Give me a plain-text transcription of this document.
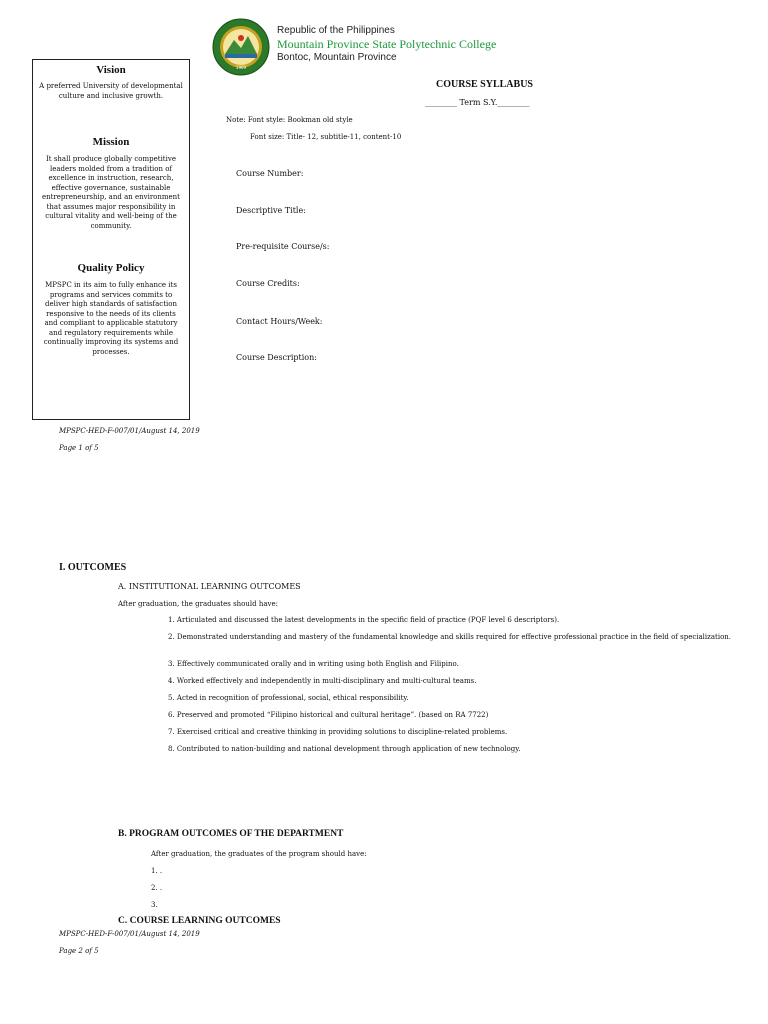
1969
Republic of the Philippines
Mountain Province State Polytechnic College
Bontoc, Mountain Province
Vision

A preferred University of developmental culture and inclusive growth.

Mission

It shall produce globally competitive leaders molded from a tradition of excellence in instruction, research, effective governance, sustainable entrepreneurship, and an environment that assumes major responsibility in cultural vitality and well-being of the community.

Quality Policy

MPSPC in its aim to fully enhance its programs and services commits to deliver high standards of satisfaction responsive to the needs of its clients and compliant to applicable statutory and regulatory requirements while continually improving its systems and processes.

COURSE SYLLABUS
________ Term S.Y.________
Note: Font style: Bookman old style
Font size: Title- 12, subtitle-11, content-10
Course Number:
Descriptive Title:
Pre-requisite Course/s:
Course Credits:
Contact Hours/Week:
Course Description:
MPSPC-HED-F-007/01/August 14, 2019
Page 1 of 5
I. OUTCOMES
A. INSTITUTIONAL LEARNING OUTCOMES
After graduation, the graduates should have:
1. Articulated and discussed the latest developments in the specific field of practice (PQF level 6 descriptors).
2. Demonstrated understanding and mastery of the fundamental knowledge and skills required for effective professional practice in the field of specialization.
3. Effectively communicated orally and in writing using both English and Filipino.
4. Worked effectively and independently in multi-disciplinary and multi-cultural teams.
5. Acted in recognition of professional, social, ethical responsibility.
6. Preserved and promoted “Filipino historical and cultural heritage”. (based on RA 7722)
7. Exercised critical and creative thinking in providing solutions to discipline-related problems.
8. Contributed to nation-building and national development through application of new technology.
B. PROGRAM OUTCOMES OF THE DEPARTMENT
After graduation, the graduates of the program should have:
1. .
2. .
3.
C. COURSE LEARNING OUTCOMES
MPSPC-HED-F-007/01/August 14, 2019
Page 2 of 5
